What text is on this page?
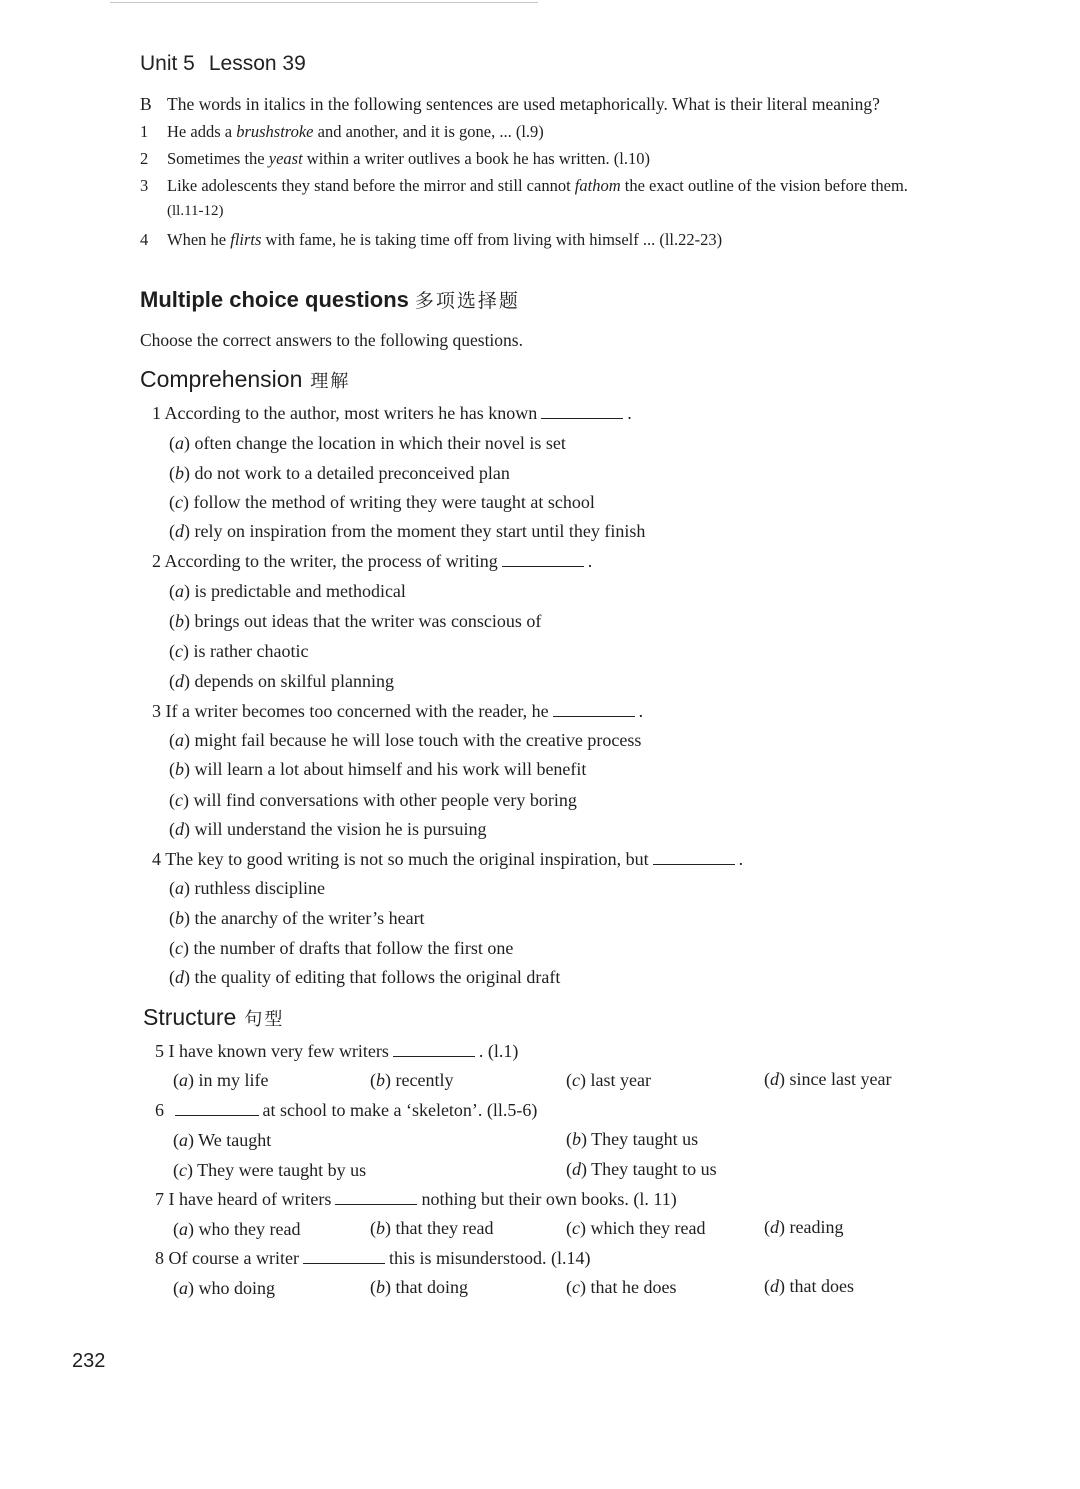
Unit 5 Lesson 39
B The words in italics in the following sentences are used metaphorically. What is their literal meaning?
1 He adds a brushstroke and another, and it is gone, ... (l.9)
2 Sometimes the yeast within a writer outlives a book he has written. (l.10)
3 Like adolescents they stand before the mirror and still cannot fathom the exact outline of the vision before them.
(ll.11-12)
4 When he flirts with fame, he is taking time off from living with himself ... (ll.22-23)
Multiple choice questions 多项选择题
Choose the correct answers to the following questions.
Comprehension 理解
1 According to the author, most writers he has known	.
(a) often change the location in which their novel is set
(b) do not work to a detailed preconceived plan
(c) follow the method of writing they were taught at school
(d) rely on inspiration from the moment they start until they finish
2 According to the writer, the process of writing	.
(a) is predictable and methodical
(b) brings out ideas that the writer was conscious of
(c) is rather chaotic
(d) depends on skilful planning
3 If a writer becomes too concerned with the reader, he	.
(a) might fail because he will lose touch with the creative process
(b) will learn a lot about himself and his work will benefit
(c) will find conversations with other people very boring
(d) will understand the vision he is pursuing
4 The key to good writing is not so much the original inspiration, but	.
(a) ruthless discipline
(b) the anarchy of the writer’s heart
(c) the number of drafts that follow the first one
(d) the quality of editing that follows the original draft
Structure 句型
5 I have known very few writers	. (l.1)
(a) in my life	(b) recently	(c) last year	(d) since last year
6	at school to make a ‘skeleton’. (ll.5-6)
(a) We taught	(b) They taught us
(c) They were taught by us	(d) They taught to us
7 I have heard of writers	nothing but their own books. (l. 11)
(a) who they read	(b) that they read	(c) which they read	(d) reading
8 Of course a writer	this is misunderstood. (l.14)
(a) who doing	(b) that doing	(c) that he does	(d) that does
232
